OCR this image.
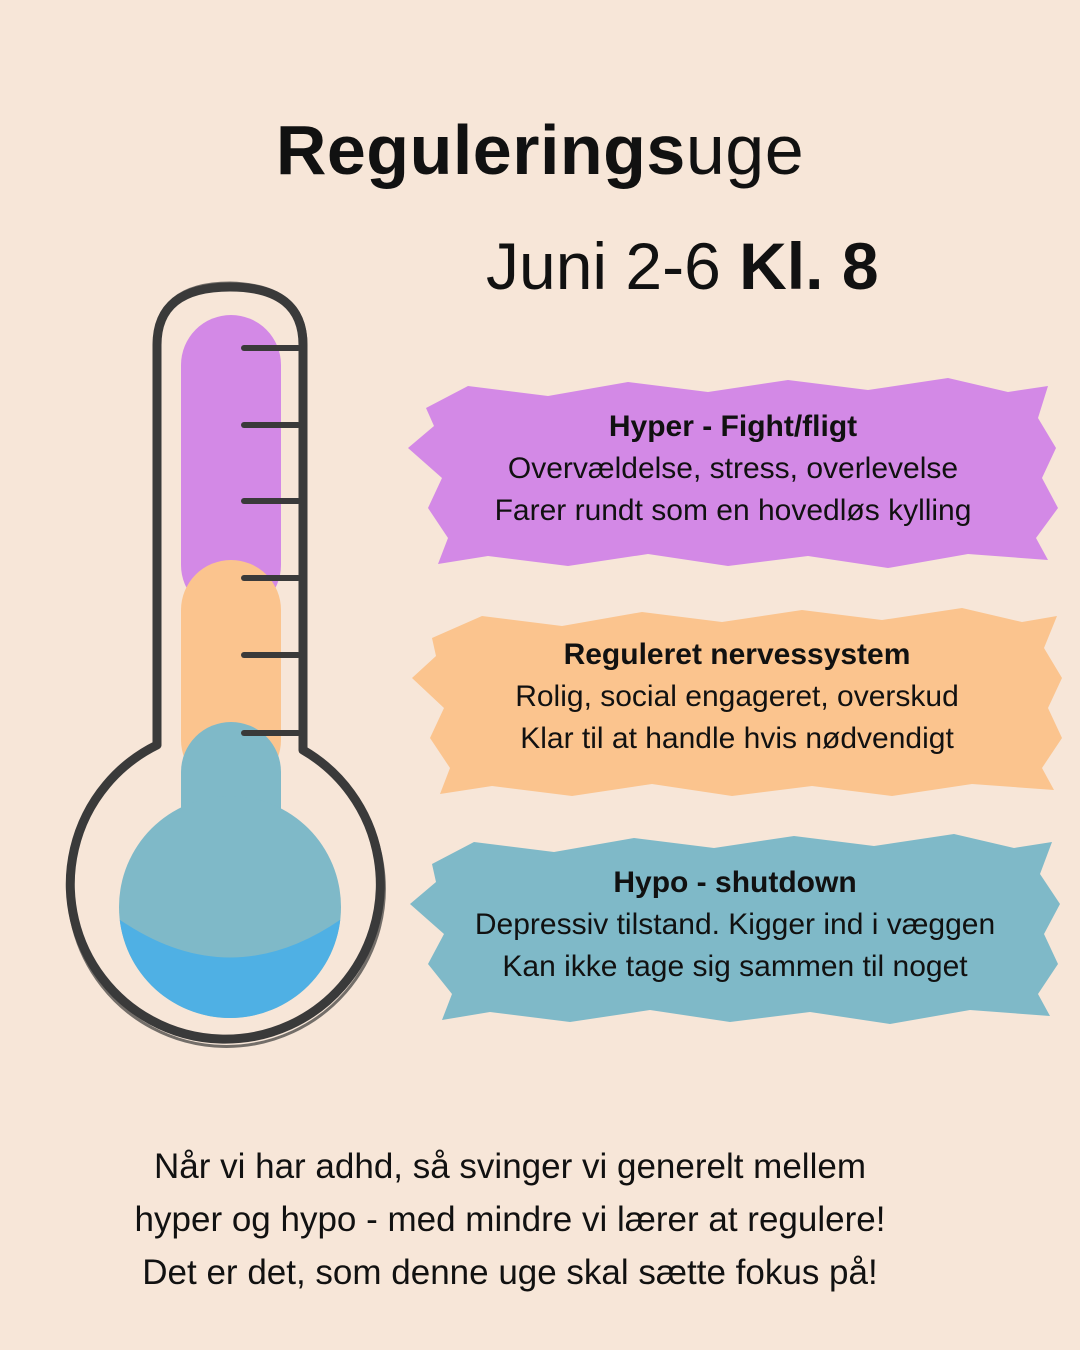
Reguleringsuge
Juni 2-6 Kl. 8
Hyper - Fight/fligt
Overvældelse, stress, overlevelse
Farer rundt som en hovedløs kylling
Reguleret nervessystem
Rolig, social engageret, overskud
Klar til at handle hvis nødvendigt
Hypo - shutdown
Depressiv tilstand. Kigger ind i væggen
Kan ikke tage sig sammen til noget
Når vi har adhd, så svinger vi generelt mellem
hyper og hypo - med mindre vi lærer at regulere!
Det er det, som denne uge skal sætte fokus på!
